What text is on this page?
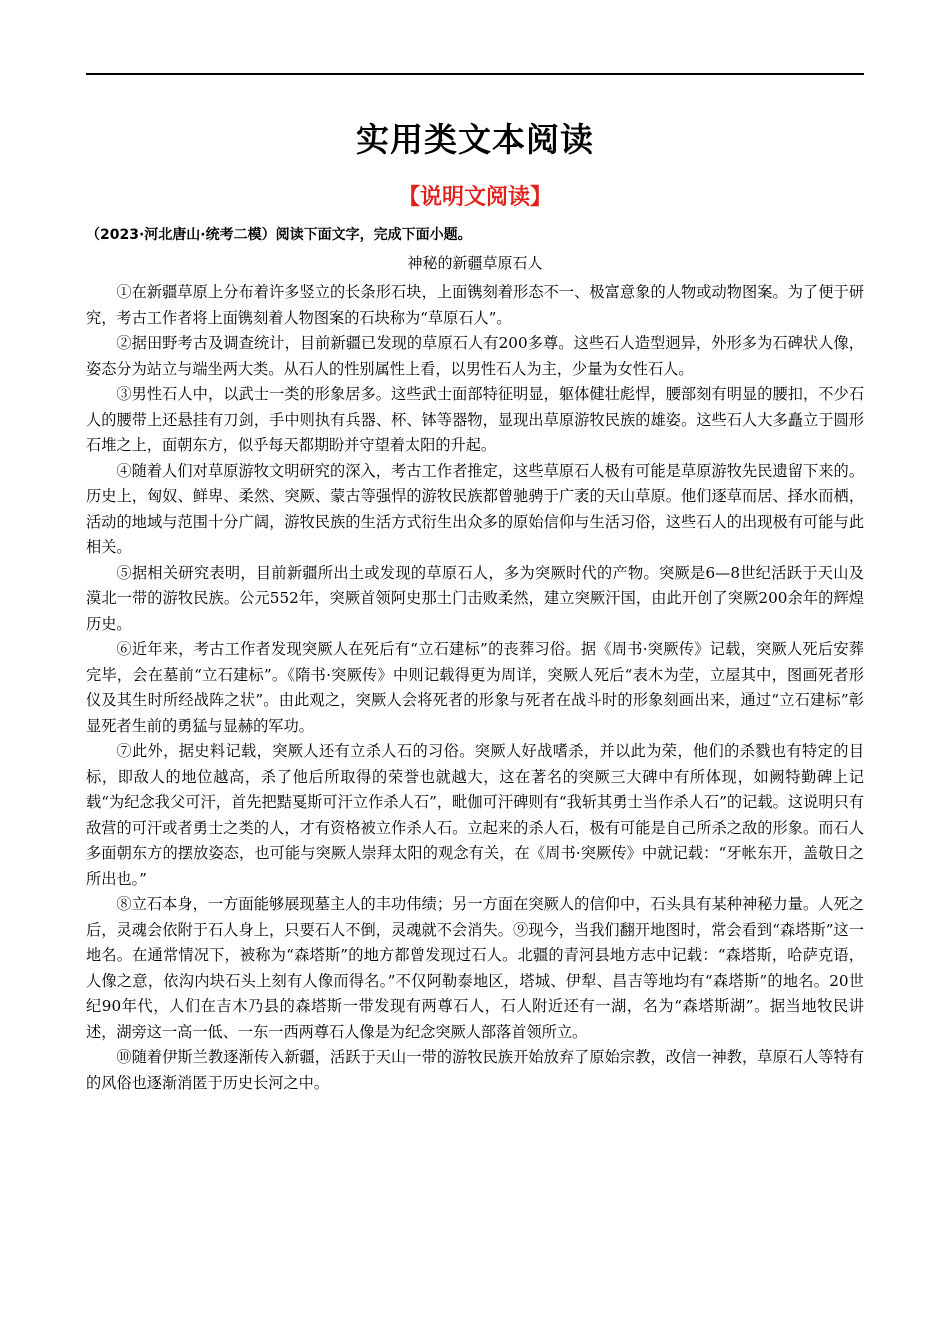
实用类文本阅读
【说明文阅读】
（2023·河北唐山·统考二模）阅读下面文字，完成下面小题。
神秘的新疆草原石人

①在新疆草原上分布着许多竖立的长条形石块，上面镌刻着形态不一、极富意象的人物或动物图案。为了便于研究，考古工作者将上面镌刻着人物图案的石块称为“草原石人”。

②据田野考古及调查统计，目前新疆已发现的草原石人有200多尊。这些石人造型迥异，外形多为石碑状人像，姿态分为站立与端坐两大类。从石人的性别属性上看，以男性石人为主，少量为女性石人。

③男性石人中，以武士一类的形象居多。这些武士面部特征明显，躯体健壮彪悍，腰部刻有明显的腰扣，不少石人的腰带上还悬挂有刀剑，手中则执有兵器、杯、钵等器物，显现出草原游牧民族的雄姿。这些石人大多矗立于圆形石堆之上，面朝东方，似乎每天都期盼并守望着太阳的升起。

④随着人们对草原游牧文明研究的深入，考古工作者推定，这些草原石人极有可能是草原游牧先民遗留下来的。历史上，匈奴、鲜卑、柔然、突厥、蒙古等强悍的游牧民族都曾驰骋于广袤的天山草原。他们逐草而居、择水而栖，活动的地域与范围十分广阔，游牧民族的生活方式衍生出众多的原始信仰与生活习俗，这些石人的出现极有可能与此相关。

⑤据相关研究表明，目前新疆所出土或发现的草原石人，多为突厥时代的产物。突厥是6—8世纪活跃于天山及漠北一带的游牧民族。公元552年，突厥首领阿史那土门击败柔然，建立突厥汗国，由此开创了突厥200余年的辉煌历史。

⑥近年来，考古工作者发现突厥人在死后有“立石建标”的丧葬习俗。据《周书·突厥传》记载，突厥人死后安葬完毕，会在墓前“立石建标”。《隋书·突厥传》中则记载得更为周详，突厥人死后“表木为茔，立屋其中，图画死者形仪及其生时所经战阵之状”。由此观之，突厥人会将死者的形象与死者在战斗时的形象刻画出来，通过“立石建标”彰显死者生前的勇猛与显赫的军功。

⑦此外，据史料记载，突厥人还有立杀人石的习俗。突厥人好战嗜杀，并以此为荣，他们的杀戮也有特定的目标，即敌人的地位越高，杀了他后所取得的荣誉也就越大，这在著名的突厥三大碑中有所体现，如阙特勤碑上记载“为纪念我父可汗，首先把黠戛斯可汗立作杀人石”，毗伽可汗碑则有“我斩其勇士当作杀人石”的记载。这说明只有敌营的可汗或者勇士之类的人，才有资格被立作杀人石。立起来的杀人石，极有可能是自己所杀之敌的形象。而石人多面朝东方的摆放姿态，也可能与突厥人崇拜太阳的观念有关，在《周书·突厥传》中就记载：“牙帐东开，盖敬日之所出也。”

⑧立石本身，一方面能够展现墓主人的丰功伟绩；另一方面在突厥人的信仰中，石头具有某种神秘力量。人死之后，灵魂会依附于石人身上，只要石人不倒，灵魂就不会消失。⑨现今，当我们翻开地图时，常会看到“森塔斯”这一地名。在通常情况下，被称为“森塔斯”的地方都曾发现过石人。北疆的青河县地方志中记载：“森塔斯，哈萨克语，人像之意，依沟内块石头上刻有人像而得名。”不仅阿勒泰地区，塔城、伊犁、昌吉等地均有“森塔斯”的地名。20世纪90年代，人们在吉木乃县的森塔斯一带发现有两尊石人，石人附近还有一湖，名为“森塔斯湖”。据当地牧民讲述，湖旁这一高一低、一东一西两尊石人像是为纪念突厥人部落首领所立。

⑩随着伊斯兰教逐渐传入新疆，活跃于天山一带的游牧民族开始放弃了原始宗教，改信一神教，草原石人等特有的风俗也逐渐消匿于历史长河之中。
